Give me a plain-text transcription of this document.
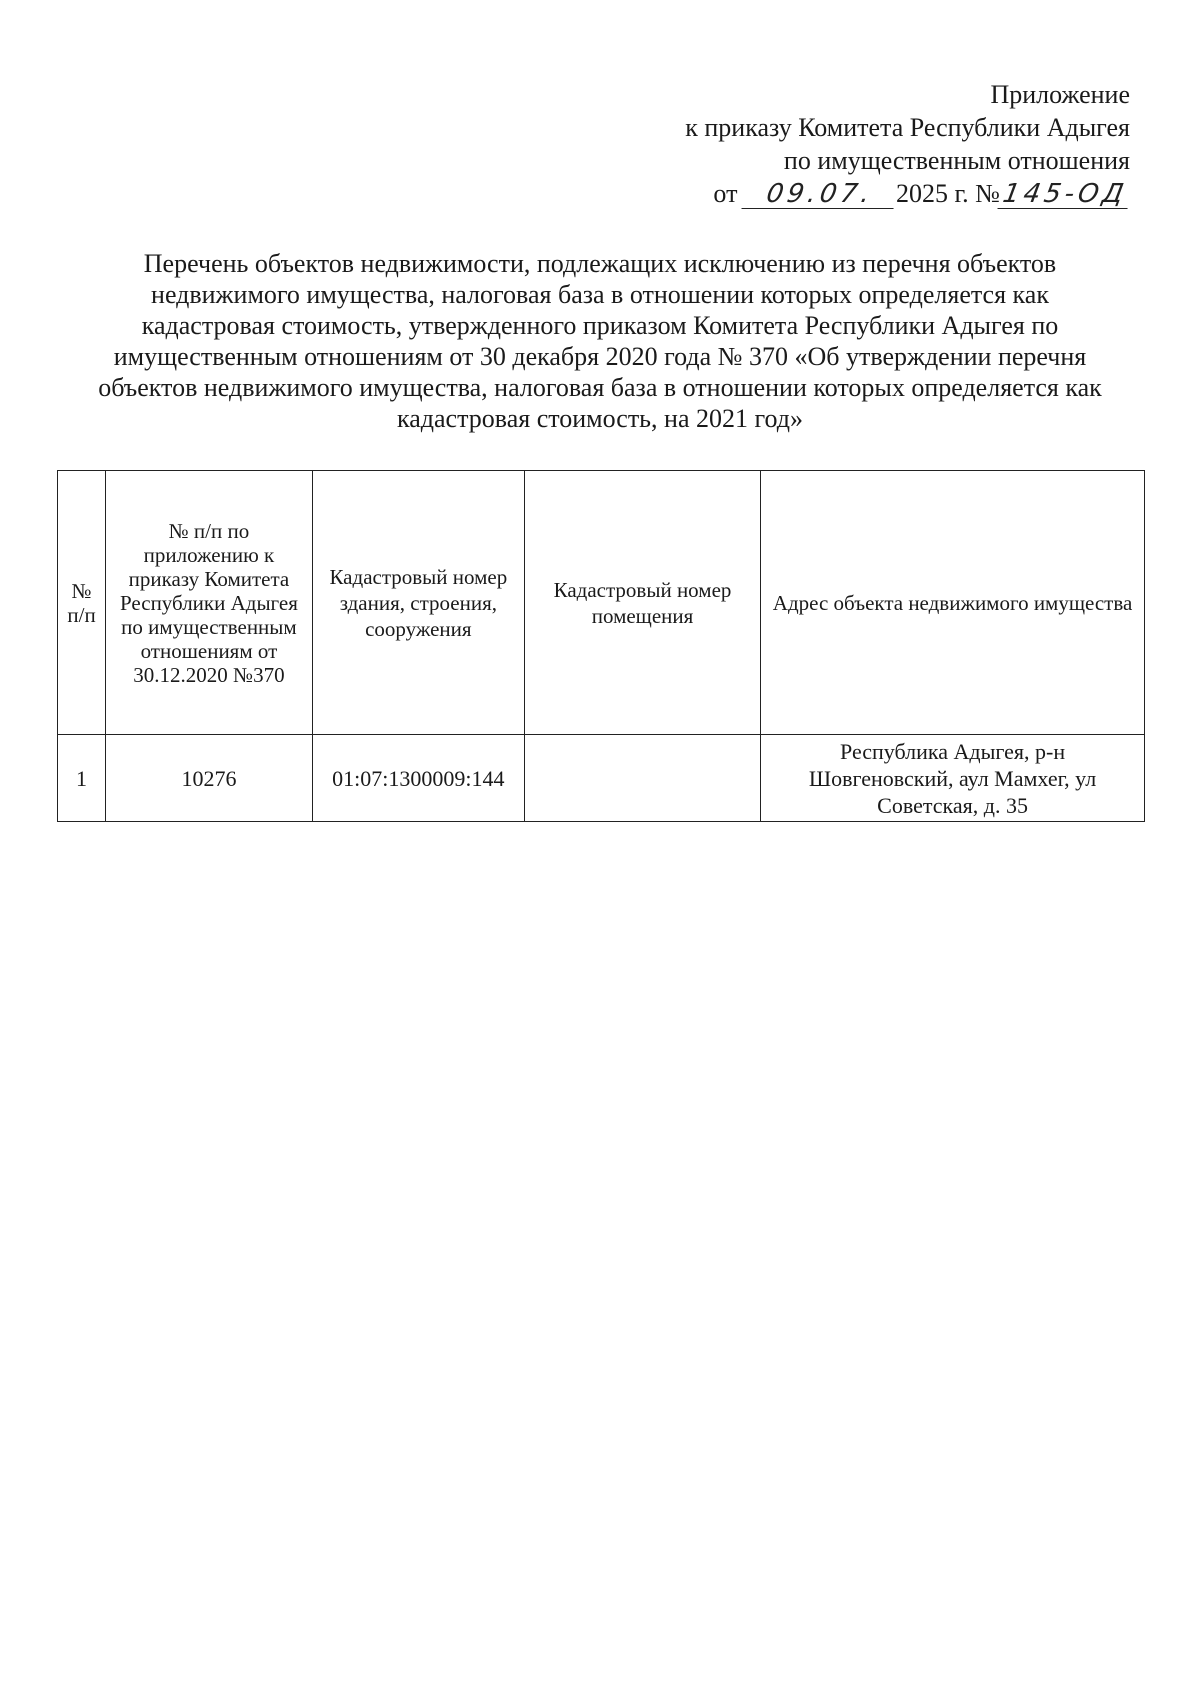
Приложение
к приказу Комитета Республики Адыгея
по имущественным отношения
от 09.07. 2025 г. №145-ОД
Перечень объектов недвижимости, подлежащих исключению из перечня объектов
недвижимого имущества, налоговая база в отношении которых определяется как
кадастровая стоимость, утвержденного приказом Комитета Республики Адыгея по
имущественным отношениям от 30 декабря 2020 года № 370 «Об утверждении перечня
объектов недвижимого имущества, налоговая база в отношении которых определяется как
кадастровая стоимость, на 2021 год»
№ п/п	№ п/п по приложению к приказу Комитета Республики Адыгея по имущественным отношениям от 30.12.2020 №370	Кадастровый номер здания, строения, сооружения	Кадастровый номер помещения	Адрес объекта недвижимого имущества
1	10276	01:07:1300009:144		Республика Адыгея, р-н Шовгеновский, аул Мамхег, ул Советская, д. 35
